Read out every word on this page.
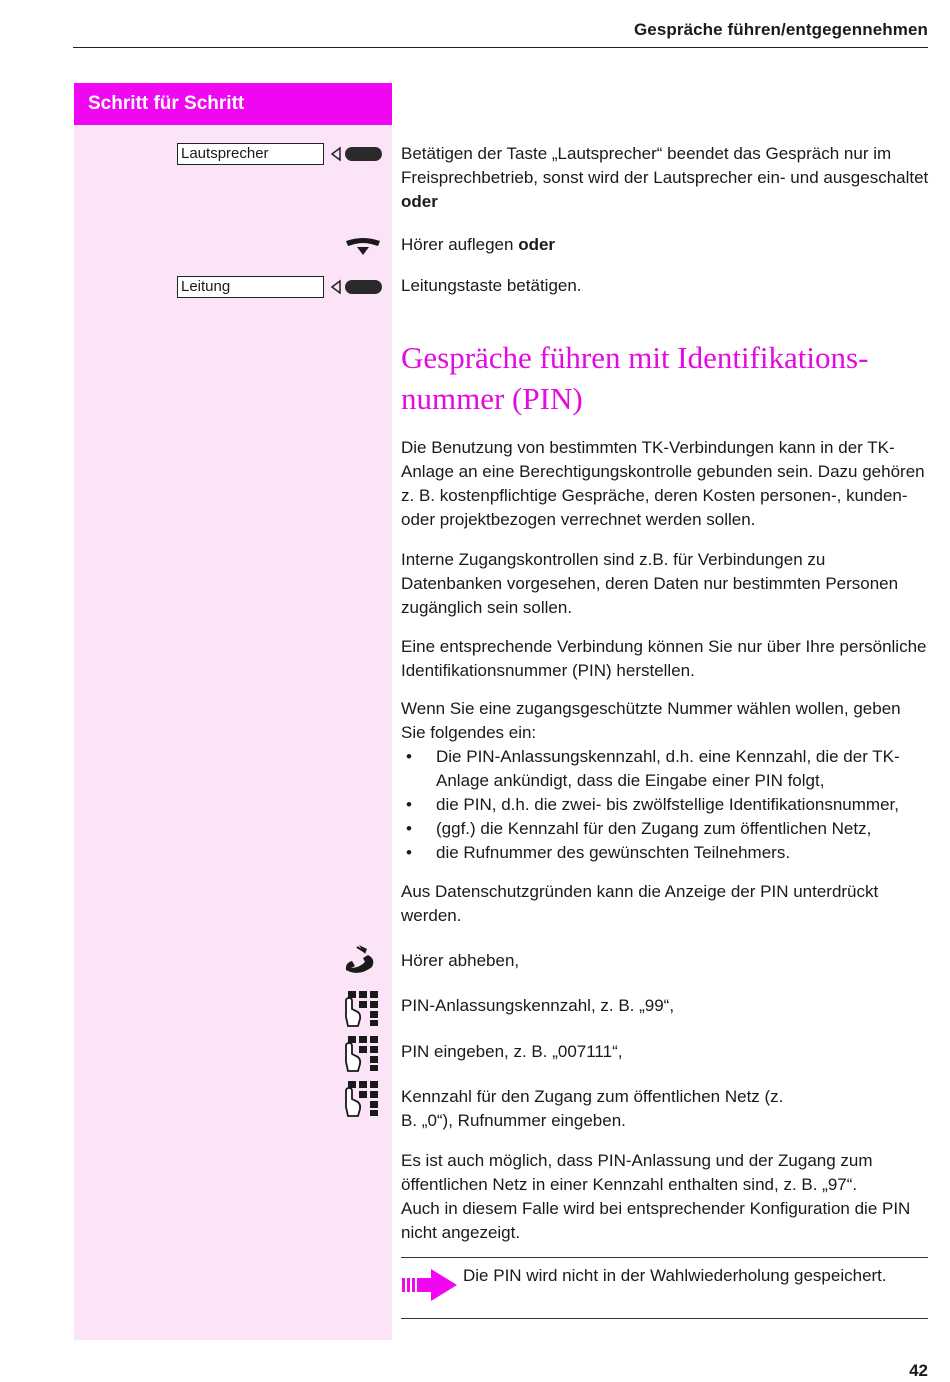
Gespräche führen/entgegennehmen
Schritt für Schritt
Lautsprecher
Leitung

Betätigen der Taste „Lautsprecher“ beendet das Gespräch nur im Freisprechbetrieb, sonst wird der Lautsprecher ein- und ausgeschaltet oder

Hörer auflegen oder

Leitungstaste betätigen.

Gespräche führen mit Identifikations-nummer (PIN)

Die Benutzung von bestimmten TK-Verbindungen kann in der TK-Anlage an eine Berechtigungskontrolle gebunden sein. Dazu gehören z. B. kostenpflichtige Gespräche, deren Kosten personen-, kunden- oder projektbezogen verrechnet werden sollen.

Interne Zugangskontrollen sind z.B. für Verbindungen zu Datenbanken vorgesehen, deren Daten nur bestimmten Personen zugänglich sein sollen.

Eine entsprechende Verbindung können Sie nur über Ihre persönliche Identifikationsnummer (PIN) herstellen.

Wenn Sie eine zugangsgeschützte Nummer wählen wollen, geben Sie folgendes ein:

• Die PIN-Anlassungskennzahl, d.h. eine Kennzahl, die der TK-Anlage ankündigt, dass die Eingabe einer PIN folgt,
• die PIN, d.h. die zwei- bis zwölfstellige Identifikationsnummer,
• (ggf.) die Kennzahl für den Zugang zum öffentlichen Netz,
• die Rufnummer des gewünschten Teilnehmers.

Aus Datenschutzgründen kann die Anzeige der PIN unterdrückt werden.

Hörer abheben,

PIN-Anlassungskennzahl, z. B. „99“,

PIN eingeben, z. B. „007111“,

Kennzahl für den Zugang zum öffentlichen Netz (z. B. „0“), Rufnummer eingeben.

Es ist auch möglich, dass PIN-Anlassung und der Zugang zum öffentlichen Netz in einer Kennzahl enthalten sind, z. B. „97“.
Auch in diesem Falle wird bei entsprechender Konfiguration die PIN nicht angezeigt.

Die PIN wird nicht in der Wahlwiederholung gespeichert.

42
